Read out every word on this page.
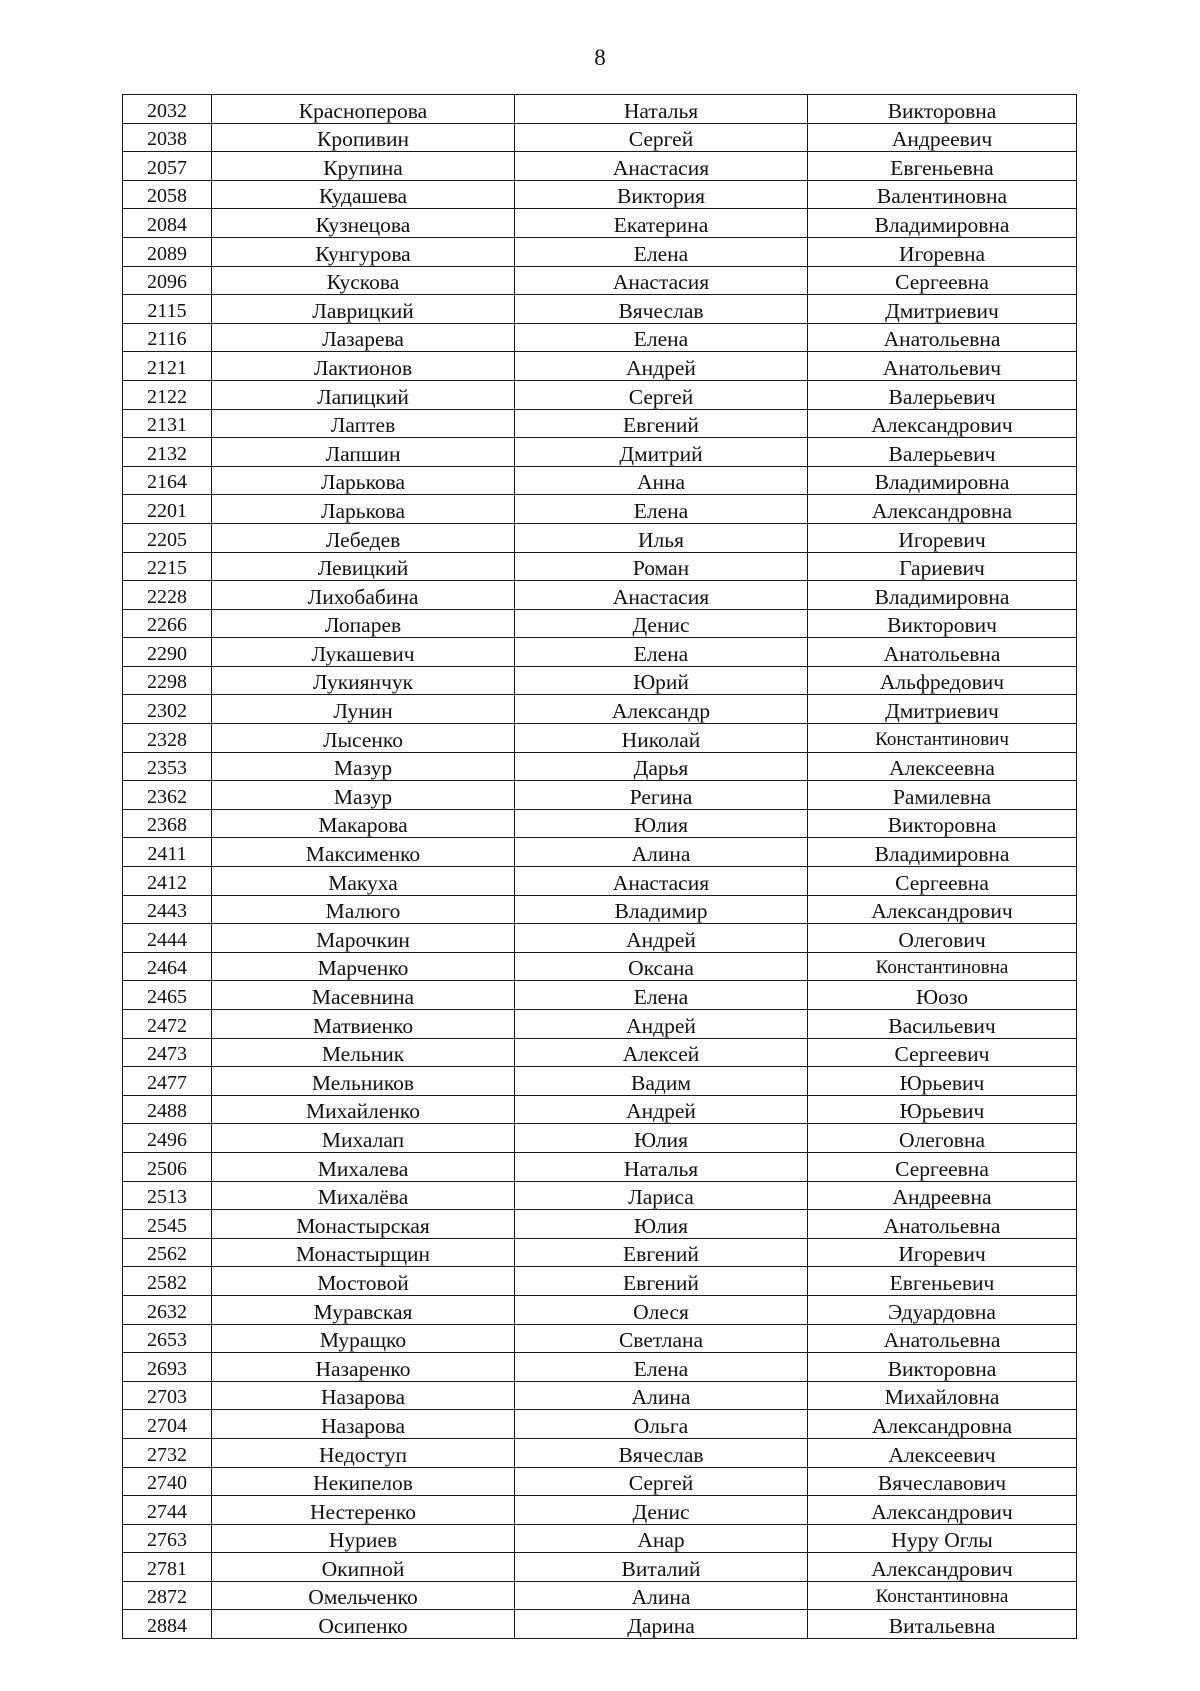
8
2032	Красноперова	Наталья	Викторовна
2038	Кропивин	Сергей	Андреевич
2057	Крупина	Анастасия	Евгеньевна
2058	Кудашева	Виктория	Валентиновна
2084	Кузнецова	Екатерина	Владимировна
2089	Кунгурова	Елена	Игоревна
2096	Кускова	Анастасия	Сергеевна
2115	Лаврицкий	Вячеслав	Дмитриевич
2116	Лазарева	Елена	Анатольевна
2121	Лактионов	Андрей	Анатольевич
2122	Лапицкий	Сергей	Валерьевич
2131	Лаптев	Евгений	Александрович
2132	Лапшин	Дмитрий	Валерьевич
2164	Ларькова	Анна	Владимировна
2201	Ларькова	Елена	Александровна
2205	Лебедев	Илья	Игоревич
2215	Левицкий	Роман	Гариевич
2228	Лихобабина	Анастасия	Владимировна
2266	Лопарев	Денис	Викторович
2290	Лукашевич	Елена	Анатольевна
2298	Лукиянчук	Юрий	Альфредович
2302	Лунин	Александр	Дмитриевич
2328	Лысенко	Николай	Константинович
2353	Мазур	Дарья	Алексеевна
2362	Мазур	Регина	Рамилевна
2368	Макарова	Юлия	Викторовна
2411	Максименко	Алина	Владимировна
2412	Макуха	Анастасия	Сергеевна
2443	Малюго	Владимир	Александрович
2444	Марочкин	Андрей	Олегович
2464	Марченко	Оксана	Константиновна
2465	Масевнина	Елена	Юозо
2472	Матвиенко	Андрей	Васильевич
2473	Мельник	Алексей	Сергеевич
2477	Мельников	Вадим	Юрьевич
2488	Михайленко	Андрей	Юрьевич
2496	Михалап	Юлия	Олеговна
2506	Михалева	Наталья	Сергеевна
2513	Михалёва	Лариса	Андреевна
2545	Монастырская	Юлия	Анатольевна
2562	Монастырщин	Евгений	Игоревич
2582	Мостовой	Евгений	Евгеньевич
2632	Муравская	Олеся	Эдуардовна
2653	Муращко	Светлана	Анатольевна
2693	Назаренко	Елена	Викторовна
2703	Назарова	Алина	Михайловна
2704	Назарова	Ольга	Александровна
2732	Недоступ	Вячеслав	Алексеевич
2740	Некипелов	Сергей	Вячеславович
2744	Нестеренко	Денис	Александрович
2763	Нуриев	Анар	Нуру Оглы
2781	Окипной	Виталий	Александрович
2872	Омельченко	Алина	Константиновна
2884	Осипенко	Дарина	Витальевна
